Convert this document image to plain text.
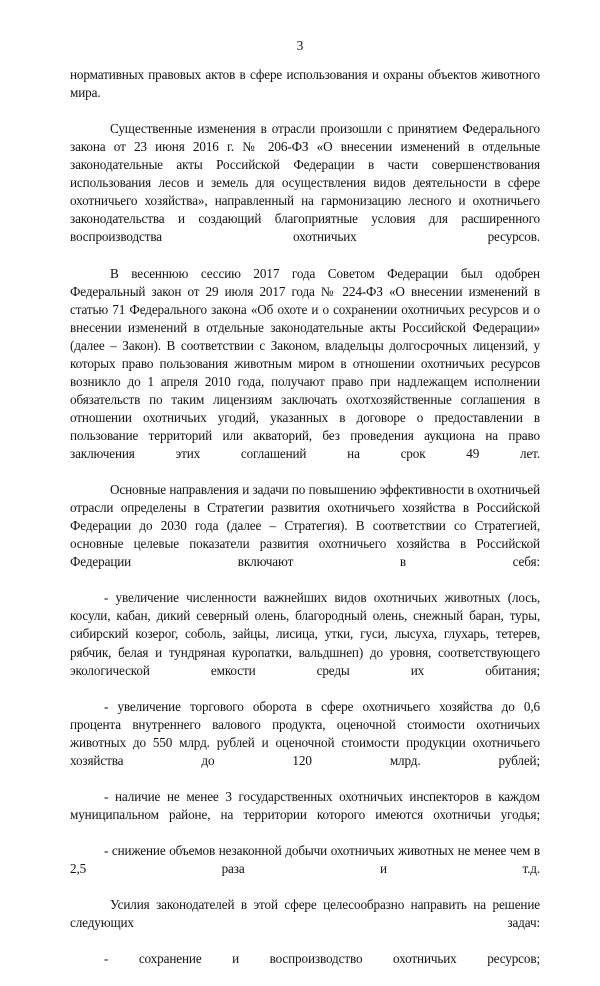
3

нормативных правовых актов в сфере использования и охраны объектов животного мира.

Существенные изменения в отрасли произошли с принятием Федерального закона от 23 июня 2016 г. № 206-ФЗ «О внесении изменений в отдельные законодательные акты Российской Федерации в части совершенствования использования лесов и земель для осуществления видов деятельности в сфере охотничьего хозяйства», направленный на гармонизацию лесного и охотничьего законодательства и создающий благоприятные условия для расширенного воспроизводства охотничьих ресурсов.

В весеннюю сессию 2017 года Советом Федерации был одобрен Федеральный закон от 29 июля 2017 года № 224-ФЗ «О внесении изменений в статью 71 Федерального закона «Об охоте и о сохранении охотничьих ресурсов и о внесении изменений в отдельные законодательные акты Российской Федерации» (далее – Закон). В соответствии с Законом, владельцы долгосрочных лицензий, у которых право пользования животным миром в отношении охотничьих ресурсов возникло до 1 апреля 2010 года, получают право при надлежащем исполнении обязательств по таким лицензиям заключать охотхозяйственные соглашения в отношении охотничьих угодий, указанных в договоре о предоставлении в пользование территорий или акваторий, без проведения аукциона на право заключения этих соглашений на срок 49 лет.

Основные направления и задачи по повышению эффективности в охотничьей отрасли определены в Стратегии развития охотничьего хозяйства в Российской Федерации до 2030 года (далее – Стратегия). В соответствии со Стратегией, основные целевые показатели развития охотничьего хозяйства в Российской Федерации включают в себя:

- увеличение численности важнейших видов охотничьих животных (лось, косули, кабан, дикий северный олень, благородный олень, снежный баран, туры, сибирский козерог, соболь, зайцы, лисица, утки, гуси, лысуха, глухарь, тетерев, рябчик, белая и тундряная куропатки, вальдшнеп) до уровня, соответствующего экологической емкости среды их обитания;

- увеличение торгового оборота в сфере охотничьего хозяйства до 0,6 процента внутреннего валового продукта, оценочной стоимости охотничьих животных до 550 млрд. рублей и оценочной стоимости продукции охотничьего хозяйства до 120 млрд. рублей;

- наличие не менее 3 государственных охотничьих инспекторов в каждом муниципальном районе, на территории которого имеются охотничьи угодья;

- снижение объемов незаконной добычи охотничьих животных не менее чем в 2,5 раза и т.д.

Усилия законодателей в этой сфере целесообразно направить на решение следующих задач:

- сохранение и воспроизводство охотничьих ресурсов;
